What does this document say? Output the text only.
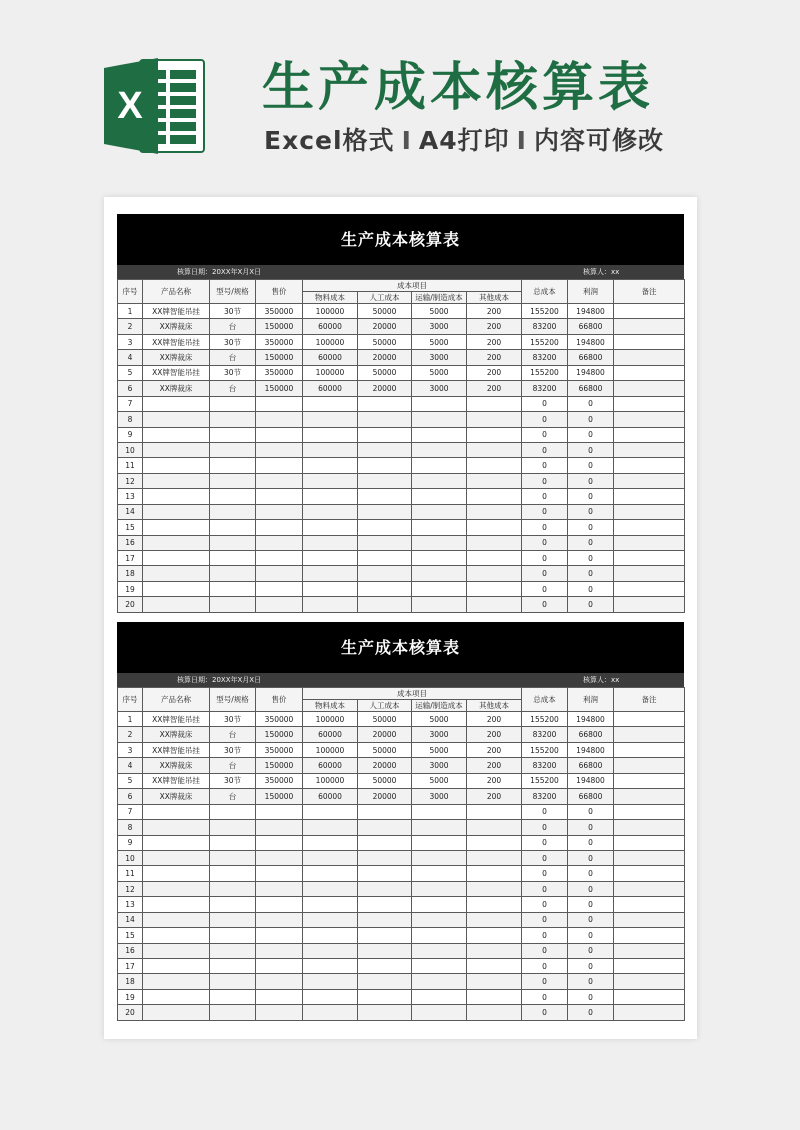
X 生产成本核算表
Excel格式 I A4打印 I 内容可修改
生产成本核算表
核算日期：20XX年X月X日	核算人：xx
序号	产品名称	型号/规格	售价	成本项目				总成本	利润	备注
				物料成本	人工成本	运输/制造成本	其他成本			
1	XX牌智能吊挂	30节	350000	100000	50000	5000	200	155200	194800	
2	XX牌裁床	台	150000	60000	20000	3000	200	83200	66800	
3	XX牌智能吊挂	30节	350000	100000	50000	5000	200	155200	194800	
4	XX牌裁床	台	150000	60000	20000	3000	200	83200	66800	
5	XX牌智能吊挂	30节	350000	100000	50000	5000	200	155200	194800	
6	XX牌裁床	台	150000	60000	20000	3000	200	83200	66800	
7								0	0	
8								0	0	
9								0	0	
10								0	0	
11								0	0	
12								0	0	
13								0	0	
14								0	0	
15								0	0	
16								0	0	
17								0	0	
18								0	0	
19								0	0	
20								0	0	
生产成本核算表
核算日期：20XX年X月X日	核算人：xx
序号	产品名称	型号/规格	售价	成本项目				总成本	利润	备注
				物料成本	人工成本	运输/制造成本	其他成本			
1	XX牌智能吊挂	30节	350000	100000	50000	5000	200	155200	194800	
2	XX牌裁床	台	150000	60000	20000	3000	200	83200	66800	
3	XX牌智能吊挂	30节	350000	100000	50000	5000	200	155200	194800	
4	XX牌裁床	台	150000	60000	20000	3000	200	83200	66800	
5	XX牌智能吊挂	30节	350000	100000	50000	5000	200	155200	194800	
6	XX牌裁床	台	150000	60000	20000	3000	200	83200	66800	
7								0	0	
8								0	0	
9								0	0	
10								0	0	
11								0	0	
12								0	0	
13								0	0	
14								0	0	
15								0	0	
16								0	0	
17								0	0	
18								0	0	
19								0	0	
20								0	0	
